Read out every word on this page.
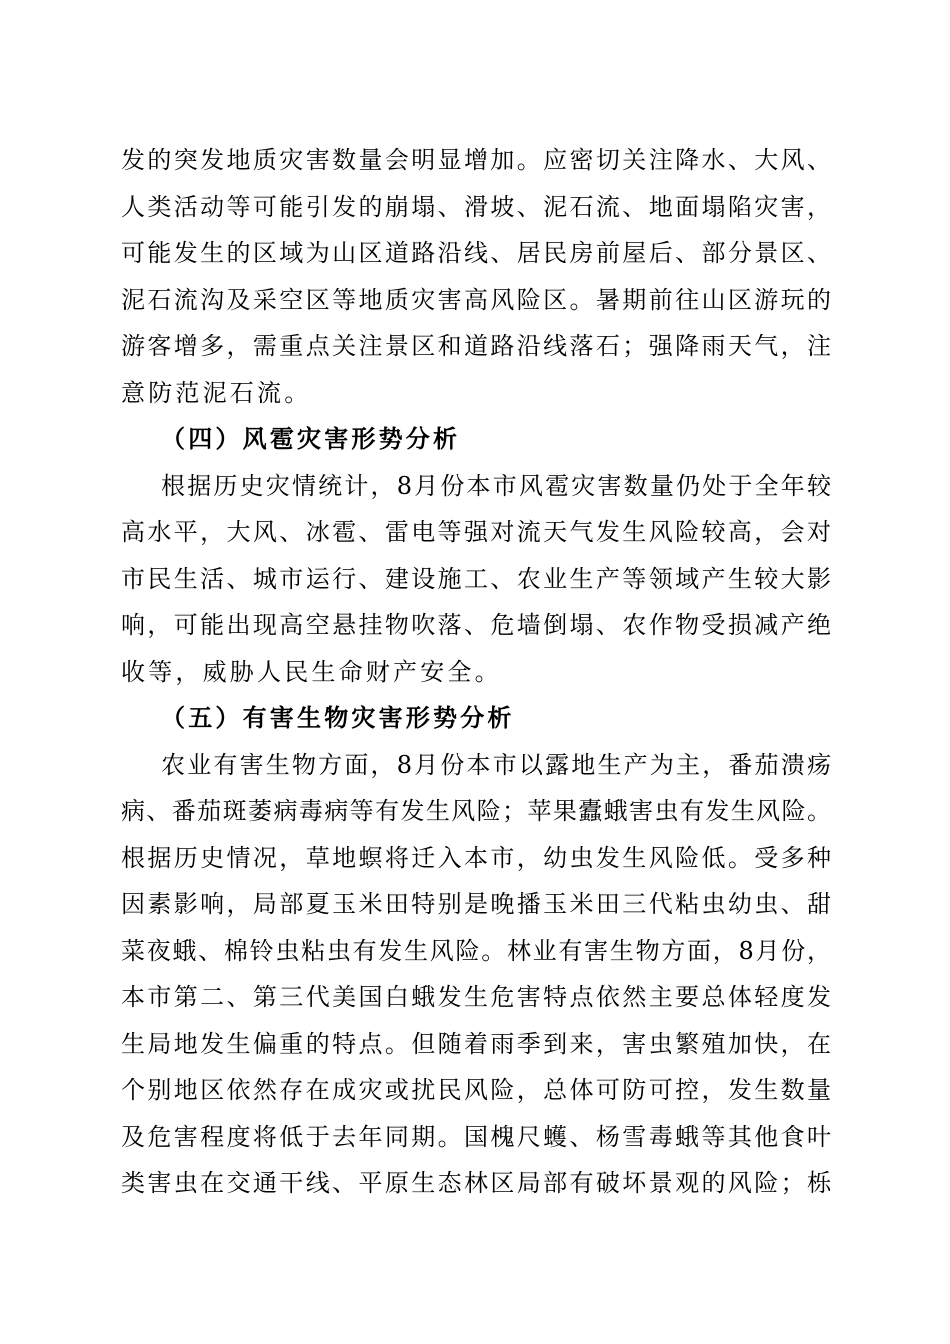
发的突发地质灾害数量会明显增加。应密切关注降水、大风、
人类活动等可能引发的崩塌、滑坡、泥石流、地面塌陷灾害，
可能发生的区域为山区道路沿线、居民房前屋后、部分景区、
泥石流沟及采空区等地质灾害高风险区。暑期前往山区游玩的
游客增多，需重点关注景区和道路沿线落石；强降雨天气，注
意防范泥石流。
（四）风雹灾害形势分析
根据历史灾情统计，8月份本市风雹灾害数量仍处于全年较
高水平，大风、冰雹、雷电等强对流天气发生风险较高，会对
市民生活、城市运行、建设施工、农业生产等领域产生较大影
响，可能出现高空悬挂物吹落、危墙倒塌、农作物受损减产绝
收等，威胁人民生命财产安全。
（五）有害生物灾害形势分析
农业有害生物方面，8月份本市以露地生产为主，番茄溃疡
病、番茄斑萎病毒病等有发生风险；苹果蠹蛾害虫有发生风险。
根据历史情况，草地螟将迁入本市，幼虫发生风险低。受多种
因素影响，局部夏玉米田特别是晚播玉米田三代粘虫幼虫、甜
菜夜蛾、棉铃虫粘虫有发生风险。林业有害生物方面，8月份，
本市第二、第三代美国白蛾发生危害特点依然主要总体轻度发
生局地发生偏重的特点。但随着雨季到来，害虫繁殖加快，在
个别地区依然存在成灾或扰民风险，总体可防可控，发生数量
及危害程度将低于去年同期。国槐尺蠖、杨雪毒蛾等其他食叶
类害虫在交通干线、平原生态林区局部有破坏景观的风险；栎
